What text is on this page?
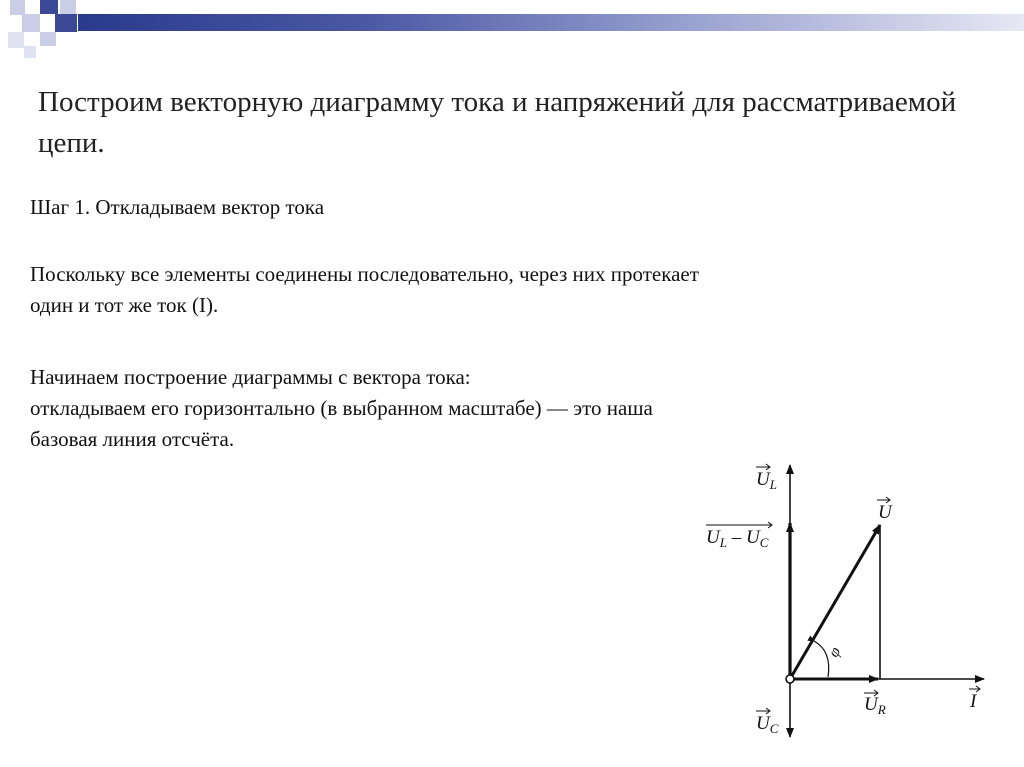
Построим векторную диаграмму тока и напряжений для рассматриваемой цепи.
Шаг 1. Откладываем вектор тока
Поскольку все элементы соединены последовательно, через них протекает
один и тот же ток (I).
Начинаем построение диаграммы с вектора тока:
откладываем его горизонтально (в выбранном масштабе) — это наша
базовая линия отсчёта.
$U_L$
$U_L - U_C$
U
φ
$U_R$	I
$U_C$
